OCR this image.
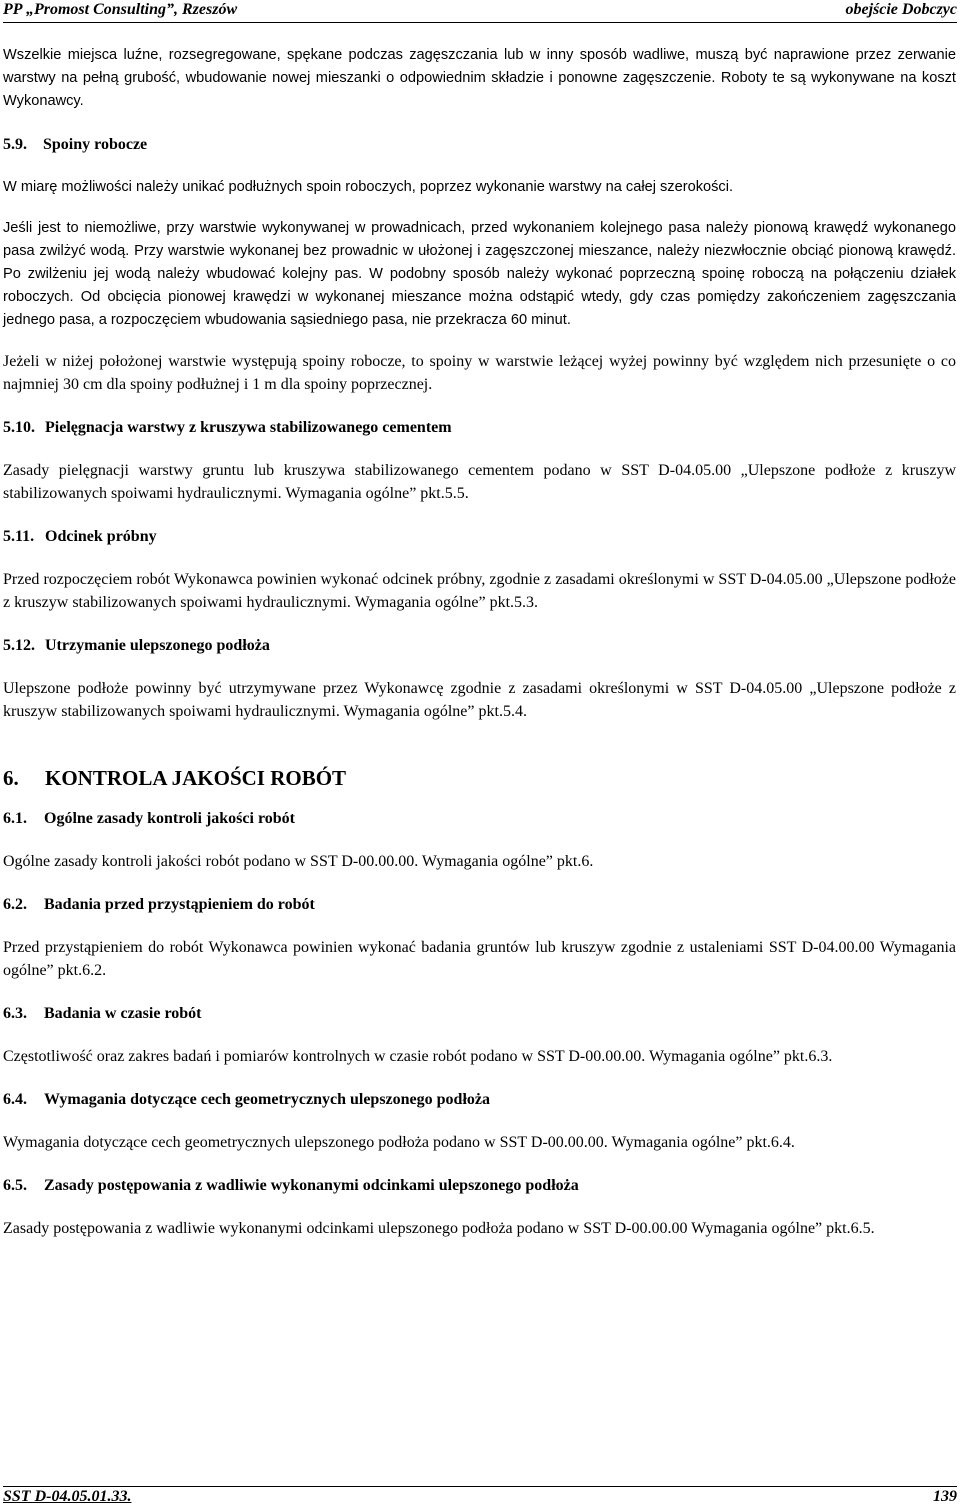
PP „Promost Consulting”, Rzeszów	obejście Dobczyc

Wszelkie miejsca luźne, rozsegregowane, spękane podczas zagęszczania lub w inny sposób wadliwe, muszą być naprawione przez zerwanie warstwy na pełną grubość, wbudowanie nowej mieszanki o odpowiednim składzie i ponowne zagęszczenie. Roboty te są wykonywane na koszt Wykonawcy.

5.9.	Spoiny robocze

W miarę możliwości należy unikać podłużnych spoin roboczych, poprzez wykonanie warstwy na całej szerokości.

Jeśli jest to niemożliwe, przy warstwie wykonywanej w prowadnicach, przed wykonaniem kolejnego pasa należy pionową krawędź wykonanego pasa zwilżyć wodą. Przy warstwie wykonanej bez prowadnic w ułożonej i zagęszczonej mieszance, należy niezwłocznie obciąć pionową krawędź. Po zwilżeniu jej wodą należy wbudować kolejny pas. W podobny sposób należy wykonać poprzeczną spoinę roboczą na połączeniu działek roboczych. Od obcięcia pionowej krawędzi w wykonanej mieszance można odstąpić wtedy, gdy czas pomiędzy zakończeniem zagęszczania jednego pasa, a rozpoczęciem wbudowania sąsiedniego pasa, nie przekracza 60 minut.

Jeżeli w niżej położonej warstwie występują spoiny robocze, to spoiny w warstwie leżącej wyżej powinny być względem nich przesunięte o co najmniej 30 cm dla spoiny podłużnej i 1 m dla spoiny poprzecznej.

5.10. Pielęgnacja warstwy z kruszywa stabilizowanego cementem

Zasady pielęgnacji warstwy gruntu lub kruszywa stabilizowanego cementem podano w SST D-04.05.00 „Ulepszone podłoże z kruszyw stabilizowanych spoiwami hydraulicznymi. Wymagania ogólne” pkt.5.5.

5.11. Odcinek próbny

Przed rozpoczęciem robót Wykonawca powinien wykonać odcinek próbny, zgodnie z zasadami określonymi w SST D-04.05.00 „Ulepszone podłoże z kruszyw stabilizowanych spoiwami hydraulicznymi. Wymagania ogólne” pkt.5.3.

5.12. Utrzymanie ulepszonego podłoża

Ulepszone podłoże powinny być utrzymywane przez Wykonawcę zgodnie z zasadami określonymi w SST D-04.05.00 „Ulepszone podłoże z kruszyw stabilizowanych spoiwami hydraulicznymi. Wymagania ogólne” pkt.5.4.

6.	KONTROLA JAKOŚCI ROBÓT
6.1.	Ogólne zasady kontroli jakości robót

Ogólne zasady kontroli jakości robót podano w SST D-00.00.00. Wymagania ogólne” pkt.6.

6.2.	Badania przed przystąpieniem do robót

Przed przystąpieniem do robót Wykonawca powinien wykonać badania gruntów lub kruszyw zgodnie z ustaleniami SST D-04.00.00 Wymagania ogólne” pkt.6.2.

6.3.	Badania w czasie robót

Częstotliwość oraz zakres badań i pomiarów kontrolnych w czasie robót podano w SST D-00.00.00. Wymagania ogólne” pkt.6.3.

6.4.	Wymagania dotyczące cech geometrycznych ulepszonego podłoża

Wymagania dotyczące cech geometrycznych ulepszonego podłoża podano w SST D-00.00.00. Wymagania ogólne” pkt.6.4.

6.5.	Zasady postępowania z wadliwie wykonanymi odcinkami ulepszonego podłoża

Zasady postępowania z wadliwie wykonanymi odcinkami ulepszonego podłoża podano w SST D-00.00.00 Wymagania ogólne” pkt.6.5.

SST D-04.05.01.33.	139
